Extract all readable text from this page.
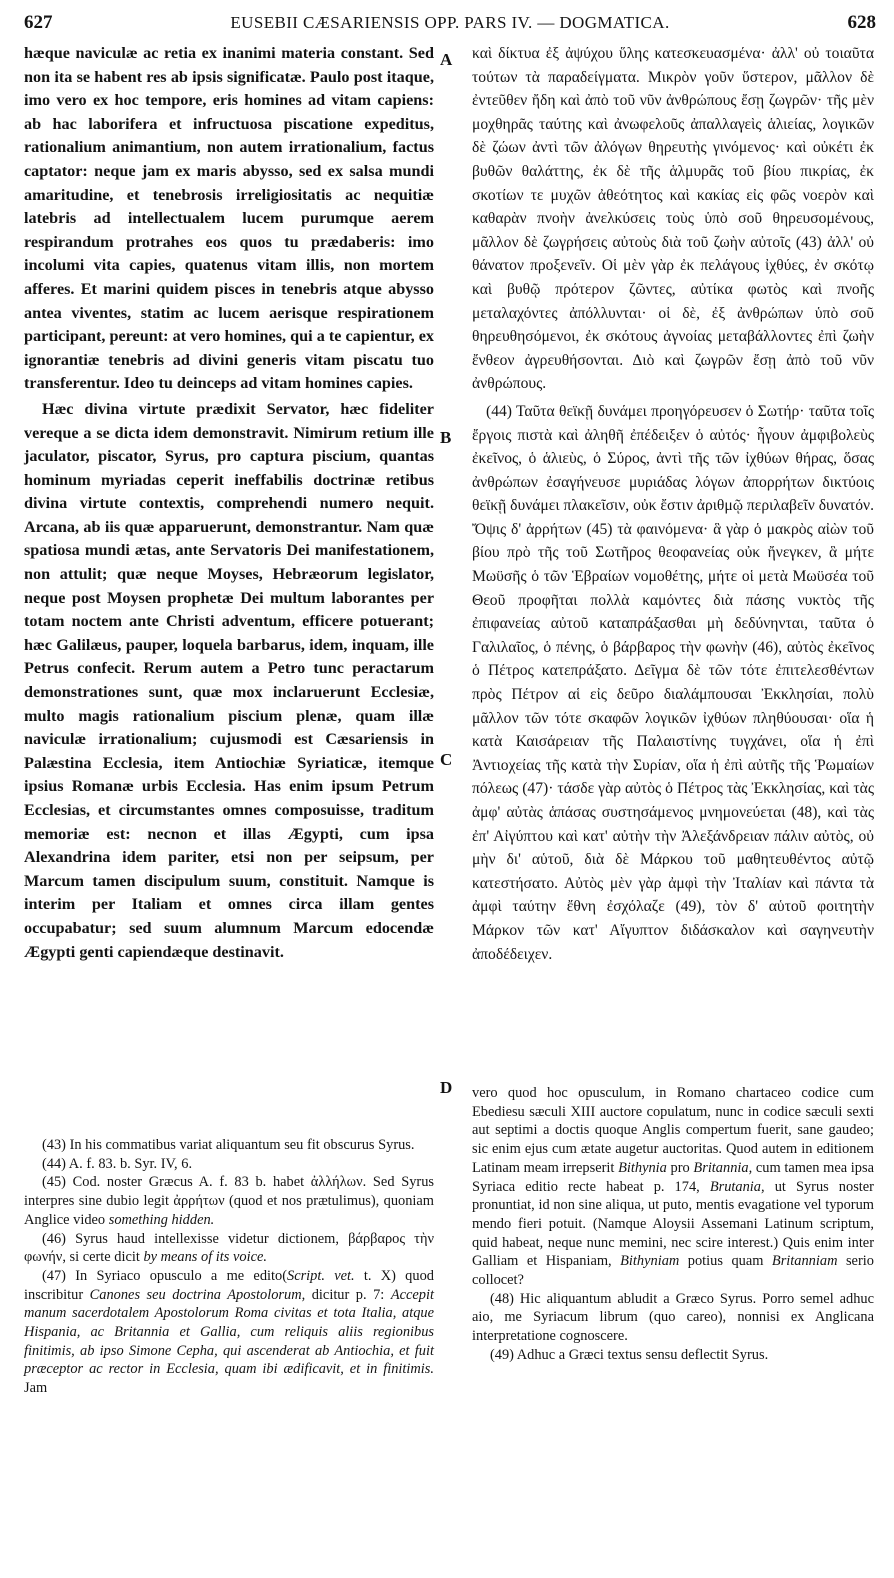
627	EUSEBII CÆSARIENSIS OPP. PARS IV. — DOGMATICA.	628

hæque naviculæ ac retia ex inanimi materia constant. Sed non ita se habent res ab ipsis significatæ. Paulo post itaque, imo vero ex hoc tempore, eris homines ad vitam capiens: ab hac laborifera et infructuosa piscatione expeditus, rationalium animantium, non autem irrationalium, factus captator: neque jam ex maris abysso, sed ex salsa mundi amaritudine, et tenebrosis irreligiositatis ac nequitiæ latebris ad intellectualem lucem purumque aerem respirandum protrahes eos quos tu prædaberis: imo incolumi vita capies, quatenus vitam illis, non mortem afferes. Et marini quidem pisces in tenebris atque abysso antea viventes, statim ac lucem aerisque respirationem participant, pereunt: at vero homines, qui a te capientur, ex ignorantiæ tenebris ad divini generis vitam piscatu tuo transferentur. Ideo tu deinceps ad vitam homines capies.

Hæc divina virtute prædixit Servator, hæc fideliter vereque a se dicta idem demonstravit. Nimirum retium ille jaculator, piscator, Syrus, pro captura piscium, quantas hominum myriadas ceperit ineffabilis doctrinæ retibus divina virtute contextis, comprehendi numero nequit. Arcana, ab iis quæ apparuerunt, demonstrantur. Nam quæ spatiosa mundi ætas, ante Servatoris Dei manifestationem, non attulit; quæ neque Moyses, Hebræorum legislator, neque post Moysen prophetæ Dei multum laborantes per totam noctem ante Christi adventum, efficere potuerant; hæc Galilæus, pauper, loquela barbarus, idem, inquam, ille Petrus confecit. Rerum autem a Petro tunc peractarum demonstrationes sunt, quæ mox inclaruerunt Ecclesiæ, multo magis rationalium piscium plenæ, quam illæ naviculæ irrationalium; cujusmodi est Cæsariensis in Palæstina Ecclesia, item Antiochiæ Syriaticæ, itemque ipsius Romanæ urbis Ecclesia. Has enim ipsum Petrum Ecclesias, et circumstantes omnes composuisse, traditum memoriæ est: necnon et illas Ægypti, cum ipsa Alexandrina idem pariter, etsi non per seipsum, per Marcum tamen discipulum suum, constituit. Namque is interim per Italiam et omnes circa illam gentes occupabatur; sed suum alumnum Marcum edocendæ Ægypti genti capiendæque destinavit.

A
B
C
D

καὶ δίκτυα ἐξ ἀψύχου ὕλης κατεσκευασμένα· ἀλλ' οὐ τοιαῦτα τούτων τὰ παραδείγματα. Μικρὸν γοῦν ὕστερον, μᾶλλον δὲ ἐντεῦθεν ἤδη καὶ ἀπὸ τοῦ νῦν ἀνθρώπους ἔσῃ ζωγρῶν· τῆς μὲν μοχθηρᾶς ταύτης καὶ ἀνωφελοῦς ἀπαλλαγεὶς ἁλιείας, λογικῶν δὲ ζώων ἀντὶ τῶν ἀλόγων θηρευτὴς γινόμενος· καὶ οὐκέτι ἐκ βυθῶν θαλάττης, ἐκ δὲ τῆς ἁλμυρᾶς τοῦ βίου πικρίας, ἐκ σκοτίων τε μυχῶν ἀθεότητος καὶ κακίας εἰς φῶς νοερὸν καὶ καθαρὰν πνοὴν ἀνελκύσεις τοὺς ὑπὸ σοῦ θηρευσομένους, μᾶλλον δὲ ζωγρήσεις αὐτοὺς διὰ τοῦ ζωὴν αὐτοῖς (43) ἀλλ' οὐ θάνατον προξενεῖν. Οἱ μὲν γὰρ ἐκ πελάγους ἰχθύες, ἐν σκότῳ καὶ βυθῷ πρότερον ζῶντες, αὐτίκα φωτὸς καὶ πνοῆς μεταλαχόντες ἀπόλλυνται· οἱ δὲ, ἐξ ἀνθρώπων ὑπὸ σοῦ θηρευθησόμενοι, ἐκ σκότους ἀγνοίας μεταβάλλοντες ἐπὶ ζωὴν ἔνθεον ἀγρευθήσονται. Διὸ καὶ ζωγρῶν ἔσῃ ἀπὸ τοῦ νῦν ἀνθρώπους.

(44) Ταῦτα θεϊκῇ δυνάμει προηγόρευσεν ὁ Σωτήρ· ταῦτα τοῖς ἔργοις πιστὰ καὶ ἀληθῆ ἐπέδειξεν ὁ αὐτός· ἦγουν ἀμφιβολεὺς ἐκεῖνος, ὁ ἁλιεὺς, ὁ Σύρος, ἀντὶ τῆς τῶν ἰχθύων θήρας, ὅσας ἀνθρώπων ἐσαγήνευσε μυριάδας λόγων ἀπορρήτων δικτύοις θεϊκῇ δυνάμει πλακεῖσιν, οὐκ ἔστιν ἀριθμῷ περιλαβεῖν δυνατόν. Ὄψις δ' ἀρρήτων (45) τὰ φαινόμενα· ἃ γὰρ ὁ μακρὸς αἰὼν τοῦ βίου πρὸ τῆς τοῦ Σωτῆρος θεοφανείας οὐκ ἤνεγκεν, ἃ μήτε Μωϋσῆς ὁ τῶν Ἑβραίων νομοθέτης, μήτε οἱ μετὰ Μωϋσέα τοῦ Θεοῦ προφῆται πολλὰ καμόντες διὰ πάσης νυκτὸς τῆς ἐπιφανείας αὐτοῦ καταπράξασθαι μὴ δεδύνηνται, ταῦτα ὁ Γαλιλαῖος, ὁ πένης, ὁ βάρβαρος τὴν φωνὴν (46), αὐτὸς ἐκεῖνος ὁ Πέτρος κατεπράξατο. Δεῖγμα δὲ τῶν τότε ἐπιτελεσθέντων πρὸς Πέτρον αἱ εἰς δεῦρο διαλάμπουσαι Ἐκκλησίαι, πολὺ μᾶλλον τῶν τότε σκαφῶν λογικῶν ἰχθύων πληθύουσαι· οἵα ἡ κατὰ Καισάρειαν τῆς Παλαιστίνης τυγχάνει, οἵα ἡ ἐπὶ Ἀντιοχείας τῆς κατὰ τὴν Συρίαν, οἵα ἡ ἐπὶ αὐτῆς τῆς Ῥωμαίων πόλεως (47)· τάσδε γὰρ αὐτὸς ὁ Πέτρος τὰς Ἐκκλησίας, καὶ τὰς ἀμφ' αὐτὰς ἁπάσας συστησάμενος μνημονεύεται (48), καὶ τὰς ἐπ' Αἰγύπτου καὶ κατ' αὐτὴν τὴν Ἀλεξάνδρειαν πάλιν αὐτὸς, οὐ μὴν δι' αὑτοῦ, διὰ δὲ Μάρκου τοῦ μαθητευθέντος αὐτῷ κατεστήσατο. Αὐτὸς μὲν γὰρ ἀμφὶ τὴν Ἰταλίαν καὶ πάντα τὰ ἀμφὶ ταύτην ἔθνη ἐσχόλαζε (49), τὸν δ' αὑτοῦ φοιτητὴν Μάρκον τῶν κατ' Αἴγυπτον διδάσκαλον καὶ σαγηνευτὴν ἀποδέδειχεν.

(43) In his commatibus variat aliquantum seu fit obscurus Syrus.

(44) A. f. 83. b. Syr. IV, 6.

(45) Cod. noster Græcus A. f. 83 b. habet ἀλλήλων. Sed Syrus interpres sine dubio legit ἀρρήτων (quod et nos prætulimus), quoniam Anglice video something hidden.

(46) Syrus haud intellexisse videtur dictionem, βάρβαρος τὴν φωνήν, si certe dicit by means of its voice.

(47) In Syriaco opusculo a me edito(Script. vet. t. X) quod inscribitur Canones seu doctrina Apostolorum, dicitur p. 7: Accepit manum sacerdotalem Apostolorum Roma civitas et tota Italia, atque Hispania, ac Britannia et Gallia, cum reliquis aliis regionibus finitimis, ab ipso Simone Cepha, qui ascenderat ab Antiochia, et fuit præceptor ac rector in Ecclesia, quam ibi ædificavit, et in finitimis. Jam

vero quod hoc opusculum, in Romano chartaceo codice cum Ebediesu sæculi XIII auctore copulatum, nunc in codice sæculi sexti aut septimi a doctis quoque Anglis compertum fuerit, sane gaudeo; sic enim ejus cum ætate augetur auctoritas. Quod autem in editionem Latinam meam irrepserit Bithynia pro Britannia, cum tamen mea ipsa Syriaca editio recte habeat p. 174, Brutania, ut Syrus noster pronuntiat, id non sine aliqua, ut puto, mentis evagatione vel typorum mendo fieri potuit. (Namque Aloysii Assemani Latinum scriptum, quid habeat, neque nunc memini, nec scire interest.) Quis enim inter Galliam et Hispaniam, Bithyniam potius quam Britanniam serio collocet?

(48) Hic aliquantum abludit a Græco Syrus. Porro semel adhuc aio, me Syriacum librum (quo careo), nonnisi ex Anglicana interpretatione cognoscere.

(49) Adhuc a Græci textus sensu deflectit Syrus.
